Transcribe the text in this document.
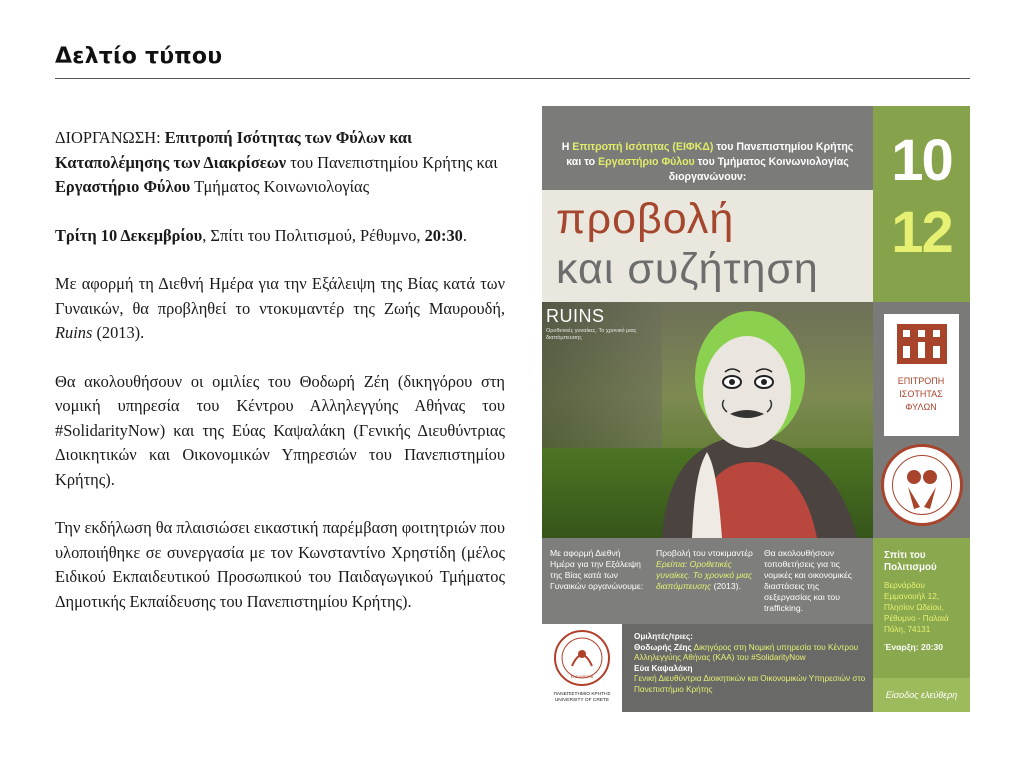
Δελτίο τύπου

ΔΙΟΡΓΑΝΩΣΗ: Επιτροπή Ισότητας των Φύλων και Καταπολέμησης των Διακρίσεων του Πανεπιστημίου Κρήτης και Εργαστήριο Φύλου Τμήματος Κοινωνιολογίας

Τρίτη 10 Δεκεμβρίου, Σπίτι του Πολιτισμού, Ρέθυμνο, 20:30.

Με αφορμή τη Διεθνή Ημέρα για την Εξάλειψη της Βίας κατά των Γυναικών, θα προβληθεί το ντοκυμαντέρ της Ζωής Μαυρουδή, Ruins (2013).

Θα ακολουθήσουν οι ομιλίες του Θοδωρή Ζέη (δικηγόρου στη νομική υπηρεσία του Κέντρου Αλληλεγγύης Αθήνας του #SolidarityNow) και της Εύας Καψαλάκη (Γενικής Διευθύντριας Διοικητικών και Οικονομικών Υπηρεσιών του Πανεπιστημίου Κρήτης).

Την εκδήλωση θα πλαισιώσει εικαστική παρέμβαση φοιτητριών που υλοποιήθηκε σε συνεργασία με τον Κωνσταντίνο Χρηστίδη (μέλος Ειδικού Εκπαιδευτικού Προσωπικού του Παιδαγωγικού Τμήματος Δημοτικής Εκπαίδευσης του Πανεπιστημίου Κρήτης).

Η Επιτροπή Ισότητας (ΕΙΦΚΔ) του Πανεπιστημίου Κρήτης
και το Εργαστήριο Φύλου του Τμήματος Κοινωνιολογίας
διοργανώνουν:
προβολή
και συζήτηση
10
12
RUINS
Οροθετικές γυναίκες. Το χρονικό μιας διαπόμπευσης
ΕΠΙΤΡΟΠΗ
ΙΣΟΤΗΤΑΣ
ΦΥΛΩΝ
Με αφορμή Διεθνή Ημέρα για την Εξάλειψη της Βίας κατά των Γυναικών οργανώνουμε:
Προβολή του ντοκιμαντέρ Ερείπια: Οροθετικές γυναίκες. Το χρονικό μιας διαπόμπευσης (2013).
Θα ακολουθήσουν τοποθετήσεις για τις νομικές και οικονομικές διαστάσεις της σεξεργασίας και του trafficking.
Σπίτι του Πολιτισμού
Βερνάρδου Εμμανουήλ 12, Πλησίον Ωδείου, Ρέθυμνο - Παλαιά Πόλη, 74131
Έναρξη: 20:30
Είσοδος ελεύθερη
ΕΛΕΥΘΕΡΙΑ
ΠΑΝΕΠΙΣΤΗΜΙΟ ΚΡΗΤΗΣ UNIVERSITY OF CRETE
Ομιλητές/τριες:
Θοδωρής Ζέης Δικηγόρος στη Νομική υπηρεσία του Κέντρου Αλληλεγγύης Αθήνας (ΚΑΑ) του #SolidarityNow
Εύα Καψαλάκη
Γενική Διευθύντρια Διοικητικών και Οικονομικών Υπηρεσιών στο Πανεπιστήμιο Κρήτης
